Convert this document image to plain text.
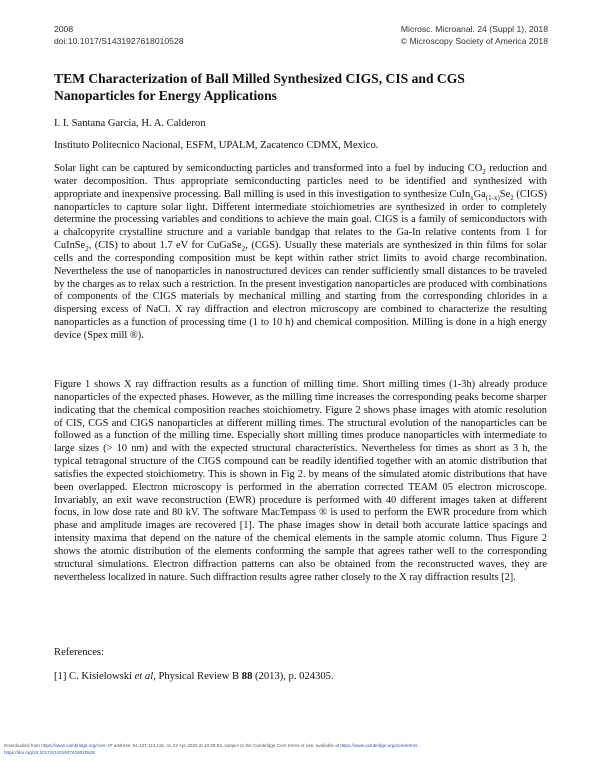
2008
doi:10.1017/S1431927618010528
Microsc. Microanal. 24 (Suppl 1), 2018
© Microscopy Society of America 2018
TEM Characterization of Ball Milled Synthesized CIGS, CIS and CGS
Nanoparticles for Energy Applications
I. I. Santana Garcia, H. A. Calderon
Instituto Politecnico Nacional, ESFM, UPALM, Zacatenco CDMX, Mexico.

Solar light can be captured by semiconducting particles and transformed into a fuel by inducing $CO_2$ reduction and water decomposition. Thus appropriate semiconducting particles need to be identified and synthesized with appropriate and inexpensive processing. Ball milling is used in this investigation to synthesize $CuIn_xGa_{(1-x)}Se_2$ (CIGS) nanoparticles to capture solar light. Different intermediate stoichiometries are synthesized in order to completely determine the processing variables and conditions to achieve the main goal. CIGS is a family of semiconductors with a chalcopyrite crystalline structure and a variable bandgap that relates to the Ga-In relative contents from 1 for CuInSe$_2$, (CIS) to about 1.7 eV for CuGaSe$_2$, (CGS). Usually these materials are synthesized in thin films for solar cells and the corresponding composition must be kept within rather strict limits to avoid charge recombination. Nevertheless the use of nanoparticles in nanostructured devices can render sufficiently small distances to be traveled by the charges as to relax such a restriction. In the present investigation nanoparticles are produced with combinations of components of the CIGS materials by mechanical milling and starting from the corresponding chlorides in a dispersing excess of NaCl. X ray diffraction and electron microscopy are combined to characterize the resulting nanoparticles as a function of processing time (1 to 10 h) and chemical composition. Milling is done in a high energy device (Spex mill ®).

Figure 1 shows X ray diffraction results as a function of milling time. Short milling times (1-3h) already produce nanoparticles of the expected phases. However, as the milling time increases the corresponding peaks become sharper indicating that the chemical composition reaches stoichiometry. Figure 2 shows phase images with atomic resolution of CIS, CGS and CIGS nanoparticles at different milling times. The structural evolution of the nanoparticles can be followed as a function of the milling time. Especially short milling times produce nanoparticles with intermediate to large sizes (> 10 nm) and with the expected structural characteristics. Nevertheless for times as short as 3 h, the typical tetragonal structure of the CIGS compound can be readily identified together with an atomic distribution that satisfies the expected stoichiometry. This is shown in Fig 2. by means of the simulated atomic distributions that have been overlapped. Electron microscopy is performed in the aberration corrected TEAM 05 electron microscope. Invariably, an exit wave reconstruction (EWR) procedure is performed with 40 different images taken at different focus, in low dose rate and 80 kV. The software MacTempass ® is used to perform the EWR procedure from which phase and amplitude images are recovered [1]. The phase images show in detail both accurate lattice spacings and intensity maxima that depend on the nature of the chemical elements in the sample atomic column. Thus Figure 2 shows the atomic distribution of the elements conforming the sample that agrees rather well to the corresponding structural simulations. Electron diffraction patterns can also be obtained from the reconstructed waves, they are nevertheless localized in nature. Such diffraction results agree rather closely to the X ray diffraction results [2].

References:
[1] C. Kisielowski et al, Physical Review B 88 (2013), p. 024305.
Downloaded from https://www.cambridge.org/core. IP address: 64.137.113.116, on 22 Apr 2020 at 10:08:53, subject to the Cambridge Core terms of use, available at https://www.cambridge.org/core/terms.
https://doi.org/10.1017/S1431927618010528
